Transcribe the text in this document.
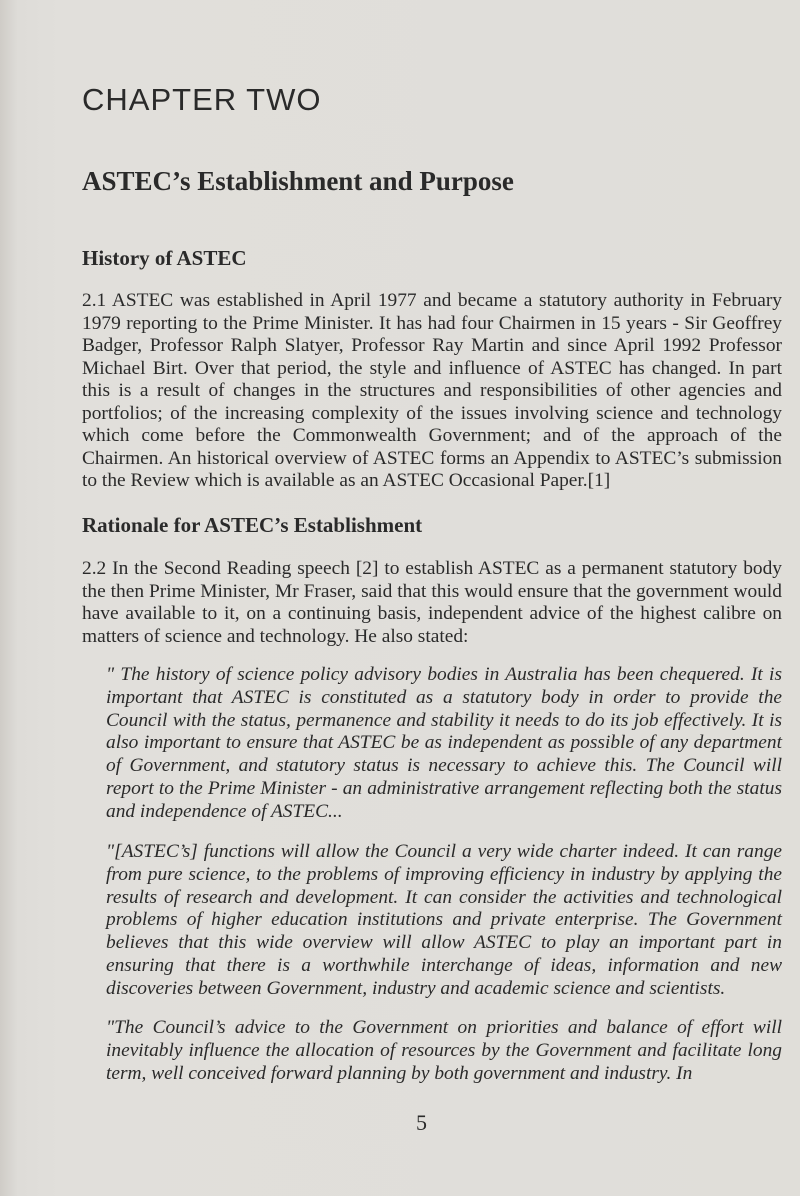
CHAPTER TWO
ASTEC’s Establishment and Purpose
History of ASTEC

2.1 ASTEC was established in April 1977 and became a statutory authority in February 1979 reporting to the Prime Minister. It has had four Chairmen in 15 years - Sir Geoffrey Badger, Professor Ralph Slatyer, Professor Ray Martin and since April 1992 Professor Michael Birt. Over that period, the style and influence of ASTEC has changed. In part this is a result of changes in the structures and responsibilities of other agencies and portfolios; of the increasing complexity of the issues involving science and technology which come before the Commonwealth Government; and of the approach of the Chairmen. An historical overview of ASTEC forms an Appendix to ASTEC’s submission to the Review which is available as an ASTEC Occasional Paper.[1]

Rationale for ASTEC’s Establishment

2.2 In the Second Reading speech [2] to establish ASTEC as a permanent statutory body the then Prime Minister, Mr Fraser, said that this would ensure that the government would have available to it, on a continuing basis, independent advice of the highest calibre on matters of science and technology. He also stated:

" The history of science policy advisory bodies in Australia has been chequered. It is important that ASTEC is constituted as a statutory body in order to provide the Council with the status, permanence and stability it needs to do its job effectively. It is also important to ensure that ASTEC be as independent as possible of any department of Government, and statutory status is necessary to achieve this. The Council will report to the Prime Minister - an administrative arrangement reflecting both the status and independence of ASTEC...

"[ASTEC’s] functions will allow the Council a very wide charter indeed. It can range from pure science, to the problems of improving efficiency in industry by applying the results of research and development. It can consider the activities and technological problems of higher education institutions and private enterprise. The Government believes that this wide overview will allow ASTEC to play an important part in ensuring that there is a worthwhile interchange of ideas, information and new discoveries between Government, industry and academic science and scientists.

"The Council’s advice to the Government on priorities and balance of effort will inevitably influence the allocation of resources by the Government and facilitate long term, well conceived forward planning by both government and industry. In

5
